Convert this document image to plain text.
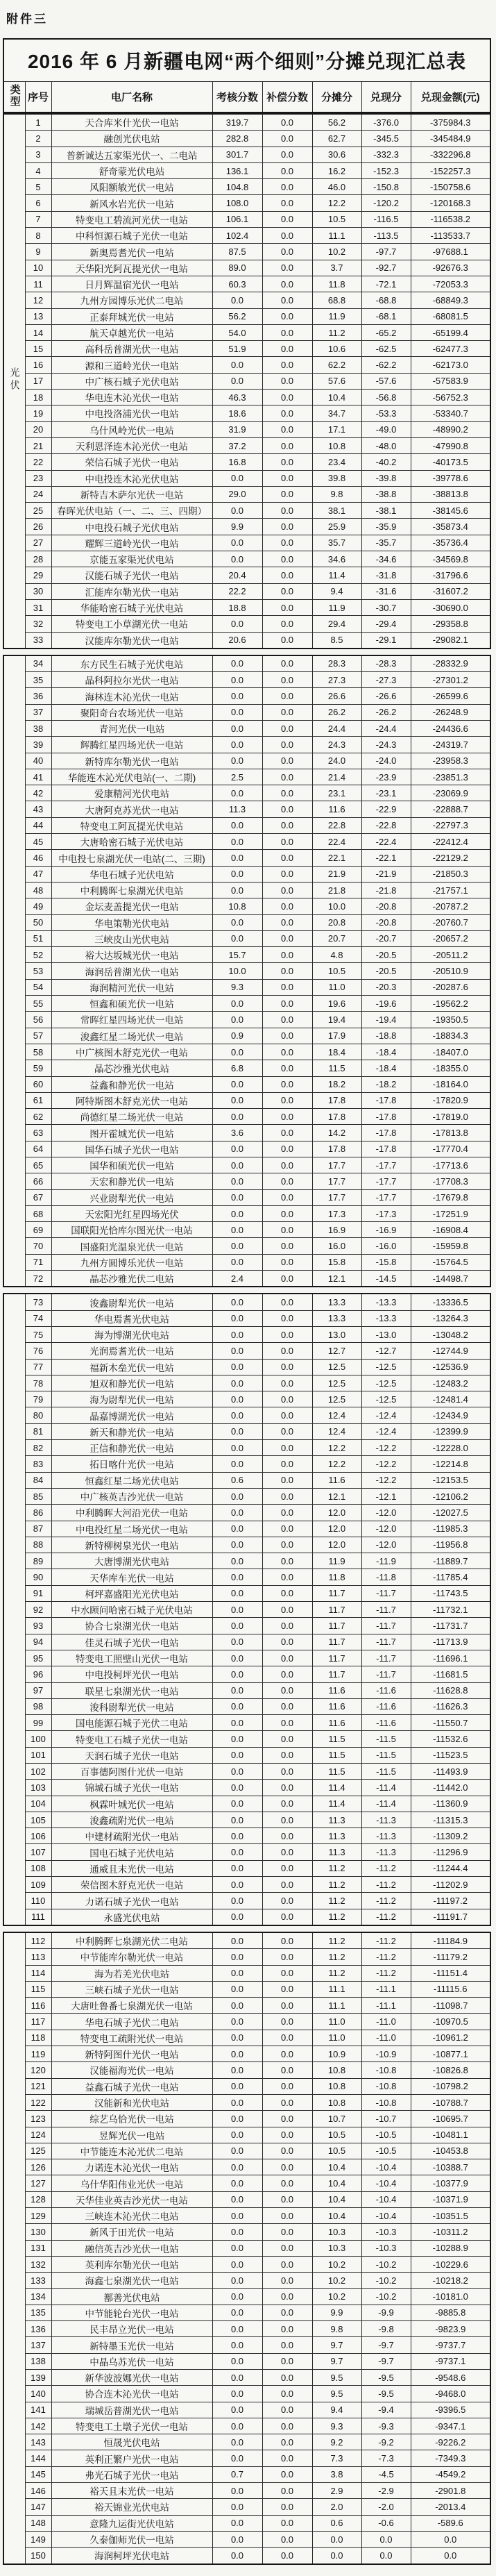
附件三
2016 年 6 月新疆电网“两个细则”分摊兑现汇总表
类型	序号	电厂名称	考核分数	补偿分数	分摊分	兑现分	兑现金额(元)
光伏	1	天合库米什光伏一电站	319.7	0.0	56.2	-376.0	-375984.3
	2	融创光伏电站	282.8	0.0	62.7	-345.5	-345484.9
	3	普新诚达五家渠光伏一、二电站	301.7	0.0	30.6	-332.3	-332296.8
	4	舒奇蒙光伏电站	136.1	0.0	16.2	-152.3	-152257.3
	5	风阳额敏光伏一电站	104.8	0.0	46.0	-150.8	-150758.6
	6	新风水岩光伏一电站	108.0	0.0	12.2	-120.2	-120168.3
	7	特变电工碧流河光伏一电站	106.1	0.0	10.5	-116.5	-116538.2
	8	中科恒源石城子光伏一电站	102.4	0.0	11.1	-113.5	-113533.7
	9	新奥焉耆光伏一电站	87.5	0.0	10.2	-97.7	-97688.1
	10	天华阳光阿瓦提光伏一电站	89.0	0.0	3.7	-92.7	-92676.3
	11	日月辉温宿光伏一电站	60.3	0.0	11.8	-72.1	-72053.3
	12	九州方园博乐光伏二电站	0.0	0.0	68.8	-68.8	-68849.3
	13	正泰拜城光伏一电站	56.2	0.0	11.9	-68.1	-68081.5
	14	航天卓越光伏一电站	54.0	0.0	11.2	-65.2	-65199.4
	15	高科岳普湖光伏一电站	51.9	0.0	10.6	-62.5	-62477.3
	16	源和三道岭光伏一电站	0.0	0.0	62.2	-62.2	-62173.0
	17	中广核石城子光伏电站	0.0	0.0	57.6	-57.6	-57583.9
	18	华电连木沁光伏一电站	46.3	0.0	10.4	-56.8	-56752.3
	19	中电投洛浦光伏一电站	18.6	0.0	34.7	-53.3	-53340.7
	20	乌什风岭光伏一电站	31.9	0.0	17.1	-49.0	-48990.2
	21	天利恩泽连木沁光伏一电站	37.2	0.0	10.8	-48.0	-47990.8
	22	荣信石城子光伏一电站	16.8	0.0	23.4	-40.2	-40173.5
	23	中电投连木沁光伏电站	0.0	0.0	39.8	-39.8	-39778.6
	24	新特吉木萨尔光伏一电站	29.0	0.0	9.8	-38.8	-38813.8
	25	春晖光伏电站（一、二、三、四期）	0.0	0.0	38.1	-38.1	-38145.6
	26	中电投石城子光伏电站	9.9	0.0	25.9	-35.9	-35873.4
	27	耀辉三道岭光伏一电站	0.0	0.0	35.7	-35.7	-35736.4
	28	京能五家渠光伏电站	0.0	0.0	34.6	-34.6	-34569.8
	29	汉能石城子光伏一电站	20.4	0.0	11.4	-31.8	-31796.6
	30	汇能库尔勒光伏一电站	22.2	0.0	9.4	-31.6	-31607.2
	31	华能哈密石城子光伏电站	18.8	0.0	11.9	-30.7	-30690.0
	32	特变电工小草湖光伏一电站	0.0	0.0	29.4	-29.4	-29358.8
	33	汉能库尔勒光伏一电站	20.6	0.0	8.5	-29.1	-29082.1
	34	东方民生石城子光伏电站	0.0	0.0	28.3	-28.3	-28332.9
	35	晶科阿拉尔光伏一电站	0.0	0.0	27.3	-27.3	-27301.2
	36	海林连木沁光伏一电站	0.0	0.0	26.6	-26.6	-26599.6
	37	聚阳奇台农场光伏一电站	0.0	0.0	26.2	-26.2	-26248.9
	38	青河光伏一电站	0.0	0.0	24.4	-24.4	-24436.6
	39	辉腾红星四场光伏一电站	0.0	0.0	24.3	-24.3	-24319.7
	40	新特库尔勒光伏一电站	0.0	0.0	24.0	-24.0	-23958.3
	41	华能连木沁光伏电站(一、二期)	2.5	0.0	21.4	-23.9	-23851.3
	42	爱康精河光伏电站	0.0	0.0	23.1	-23.1	-23069.9
	43	大唐阿克苏光伏一电站	11.3	0.0	11.6	-22.9	-22888.7
	44	特变电工阿瓦提光伏电站	0.0	0.0	22.8	-22.8	-22797.3
	45	大唐哈密石城子光伏电站	0.0	0.0	22.4	-22.4	-22412.4
	46	中电投七泉湖光伏一电站(二、三期)	0.0	0.0	22.1	-22.1	-22129.2
	47	华电石城子光伏电站	0.0	0.0	21.9	-21.9	-21850.3
	48	中利腾晖七泉湖光伏电站	0.0	0.0	21.8	-21.8	-21757.1
	49	金坛麦盖提光伏一电站	10.8	0.0	10.0	-20.8	-20787.2
	50	华电策勒光伏电站	0.0	0.0	20.8	-20.8	-20760.7
	51	三峡皮山光伏电站	0.0	0.0	20.7	-20.7	-20657.2
	52	裕大达坂城光伏一电站	15.7	0.0	4.8	-20.5	-20511.2
	53	海润岳普湖光伏一电站	10.0	0.0	10.5	-20.5	-20510.9
	54	海润精河光伏一电站	9.3	0.0	11.0	-20.3	-20287.6
	55	恒鑫和硕光伏一电站	0.0	0.0	19.6	-19.6	-19562.2
	56	常晖红星四场光伏一电站	0.0	0.0	19.4	-19.4	-19350.5
	57	浚鑫红星二场光伏一电站	0.9	0.0	17.9	-18.8	-18834.3
	58	中广核图木舒克光伏一电站	0.0	0.0	18.4	-18.4	-18407.0
	59	晶芯沙雅光伏电站	6.8	0.0	11.5	-18.4	-18355.0
	60	益鑫和静光伏一电站	0.0	0.0	18.2	-18.2	-18164.0
	61	阿特斯图木舒克光伏一电站	0.0	0.0	17.8	-17.8	-17820.9
	62	尚德红星二场光伏一电站	0.0	0.0	17.8	-17.8	-17819.0
	63	图开霍城光伏一电站	3.6	0.0	14.2	-17.8	-17813.8
	64	国华石城子光伏一电站	0.0	0.0	17.8	-17.8	-17770.4
	65	国华和硕光伏一电站	0.0	0.0	17.7	-17.7	-17713.6
	66	天宏和静光伏一电站	0.0	0.0	17.7	-17.7	-17708.3
	67	兴业尉犁光伏一电站	0.0	0.0	17.7	-17.7	-17679.8
	68	天宏阳光红星四场光伏	0.0	0.0	17.3	-17.3	-17251.9
	69	国联阳光恰库尔图光伏一电站	0.0	0.0	16.9	-16.9	-16908.4
	70	国盛阳光温泉光伏一电站	0.0	0.0	16.0	-16.0	-15959.8
	71	九州方圆博乐光伏一电站	0.0	0.0	15.8	-15.8	-15764.5
	72	晶芯沙雅光伏二电站	2.4	0.0	12.1	-14.5	-14498.7
	73	浚鑫尉犁光伏一电站	0.0	0.0	13.3	-13.3	-13336.5
	74	华电焉耆光伏电站	0.0	0.0	13.3	-13.3	-13264.3
	75	海为博湖光伏电站	0.0	0.0	13.0	-13.0	-13048.2
	76	光润焉耆光伏一电站	0.0	0.0	12.7	-12.7	-12744.9
	77	福新木垒光伏一电站	0.0	0.0	12.5	-12.5	-12536.9
	78	旭双和静光伏一电站	0.0	0.0	12.5	-12.5	-12483.2
	79	海为尉犁光伏一电站	0.0	0.0	12.5	-12.5	-12481.4
	80	晶嘉博湖光伏一电站	0.0	0.0	12.4	-12.4	-12434.9
	81	新天和静光伏一电站	0.0	0.0	12.4	-12.4	-12399.9
	82	正信和静光伏一电站	0.0	0.0	12.2	-12.2	-12228.0
	83	拓日喀什光伏一电站	0.0	0.0	12.2	-12.2	-12214.8
	84	恒鑫红星二场光伏电站	0.6	0.0	11.6	-12.2	-12153.5
	85	中广核英吉沙光伏一电站	0.0	0.0	12.1	-12.1	-12106.2
	86	中利腾晖大河沿光伏一电站	0.0	0.0	12.0	-12.0	-12027.5
	87	中电投红星二场光伏一电站	0.0	0.0	12.0	-12.0	-11985.3
	88	新特柳树泉光伏一电站	0.0	0.0	12.0	-12.0	-11956.8
	89	大唐博湖光伏电站	0.0	0.0	11.9	-11.9	-11889.7
	90	天华库车光伏一电站	0.0	0.0	11.8	-11.8	-11785.4
	91	柯坪嘉盛阳光光伏电站	0.0	0.0	11.7	-11.7	-11743.5
	92	中水顾问哈密石城子光伏电站	0.0	0.0	11.7	-11.7	-11732.1
	93	协合七泉湖光伏一电站	0.0	0.0	11.7	-11.7	-11731.7
	94	佳灵石城子光伏一电站	0.0	0.0	11.7	-11.7	-11713.9
	95	特变电工照壁山光伏一电站	0.0	0.0	11.7	-11.7	-11696.1
	96	中电投柯坪光伏一电站	0.0	0.0	11.7	-11.7	-11681.5
	97	联星七泉湖光伏一电站	0.0	0.0	11.6	-11.6	-11628.8
	98	浚科尉犁光伏一电站	0.0	0.0	11.6	-11.6	-11626.3
	99	国电能源石城子光伏二电站	0.0	0.0	11.6	-11.6	-11550.7
	100	特变电工石城子光伏一电站	0.0	0.0	11.5	-11.5	-11532.6
	101	天润石城子光伏一电站	0.0	0.0	11.5	-11.5	-11523.5
	102	百事德阿图什光伏一电站	0.0	0.0	11.5	-11.5	-11493.9
	103	锦城石城子光伏一电站	0.0	0.0	11.4	-11.4	-11442.0
	104	枫霖叶城光伏一电站	0.0	0.0	11.4	-11.4	-11360.9
	105	浚鑫疏附光伏一电站	0.0	0.0	11.3	-11.3	-11315.3
	106	中建材疏附光伏一电站	0.0	0.0	11.3	-11.3	-11309.2
	107	国电石城子光伏电站	0.0	0.0	11.3	-11.3	-11296.9
	108	通威且末光伏一电站	0.0	0.0	11.2	-11.2	-11244.4
	109	荣信图木舒克光伏一电站	0.0	0.0	11.2	-11.2	-11202.9
	110	力诺石城子光伏一电站	0.0	0.0	11.2	-11.2	-11197.2
	111	永盛光伏电站	0.0	0.0	11.2	-11.2	-11191.7
	112	中利腾晖七泉湖光伏二电站	0.0	0.0	11.2	-11.2	-11184.9
	113	中节能库尔勒光伏一电站	0.0	0.0	11.2	-11.2	-11179.2
	114	海为若羌光伏电站	0.0	0.0	11.2	-11.2	-11151.4
	115	三峡石城子光伏一电站	0.0	0.0	11.1	-11.1	-11115.6
	116	大唐吐鲁番七泉湖光伏一电站	0.0	0.0	11.1	-11.1	-11098.7
	117	华电石城子光伏二电站	0.0	0.0	11.0	-11.0	-10970.5
	118	特变电工疏附光伏一电站	0.0	0.0	11.0	-11.0	-10961.2
	119	新特阿图什光伏一电站	0.0	0.0	10.9	-10.9	-10877.1
	120	汉能福海光伏一电站	0.0	0.0	10.8	-10.8	-10826.8
	121	益鑫石城子光伏一电站	0.0	0.0	10.8	-10.8	-10798.2
	122	汉能新和光伏电站	0.0	0.0	10.8	-10.8	-10788.7
	123	综艺乌恰光伏一电站	0.0	0.0	10.7	-10.7	-10695.7
	124	昱辉光伏一电站	0.0	0.0	10.5	-10.5	-10481.1
	125	中节能连木沁光伏二电站	0.0	0.0	10.5	-10.5	-10453.8
	126	力诺连木沁光伏一电站	0.0	0.0	10.4	-10.4	-10388.7
	127	乌什华阳伟业光伏一电站	0.0	0.0	10.4	-10.4	-10377.9
	128	天华佳业英吉沙光伏一电站	0.0	0.0	10.4	-10.4	-10371.9
	129	三峡连木沁光伏二电站	0.0	0.0	10.4	-10.4	-10351.5
	130	新风于田光伏一电站	0.0	0.0	10.3	-10.3	-10311.2
	131	融信英吉沙光伏一电站	0.0	0.0	10.3	-10.3	-10288.9
	132	英利库尔勒光伏一电站	0.0	0.0	10.2	-10.2	-10229.6
	133	海鑫七泉湖光伏一电站	0.0	0.0	10.2	-10.2	-10218.2
	134	鄯善光伏电站	0.0	0.0	10.2	-10.2	-10181.0
	135	中节能轮台光伏一电站	0.0	0.0	9.9	-9.9	-9885.8
	136	民丰昂立光伏一电站	0.0	0.0	9.8	-9.8	-9823.9
	137	新特墨玉光伏一电站	0.0	0.0	9.7	-9.7	-9737.7
	138	中晶乌苏光伏一电站	0.0	0.0	9.7	-9.7	-9737.1
	139	新华波波娜光伏一电站	0.0	0.0	9.5	-9.5	-9548.6
	140	协合连木沁光伏一电站	0.0	0.0	9.5	-9.5	-9468.0
	141	瑞城岳普湖光伏一电站	0.0	0.0	9.4	-9.4	-9396.5
	142	特变电工土墩子光伏一电站	0.0	0.0	9.3	-9.3	-9347.1
	143	恒晟光伏电站	0.0	0.0	9.2	-9.2	-9226.2
	144	英利正繁户光伏一电站	0.0	0.0	7.3	-7.3	-7349.3
	145	弗光石城子光伏一电站	0.7	0.0	3.8	-4.5	-4549.2
	146	裕天且末光伏一电站	0.0	0.0	2.9	-2.9	-2901.8
	147	裕天锦业光伏电站	0.0	0.0	2.0	-2.0	-2013.4
	148	意隆九运街光伏电站	0.0	0.0	0.6	-0.6	-589.6
	149	久泰伽师光伏一电站	0.0	0.0	0.0	0.0	0.0
	150	海润柯坪光伏电站	0.0	0.0	0.0	0.0	0.0
